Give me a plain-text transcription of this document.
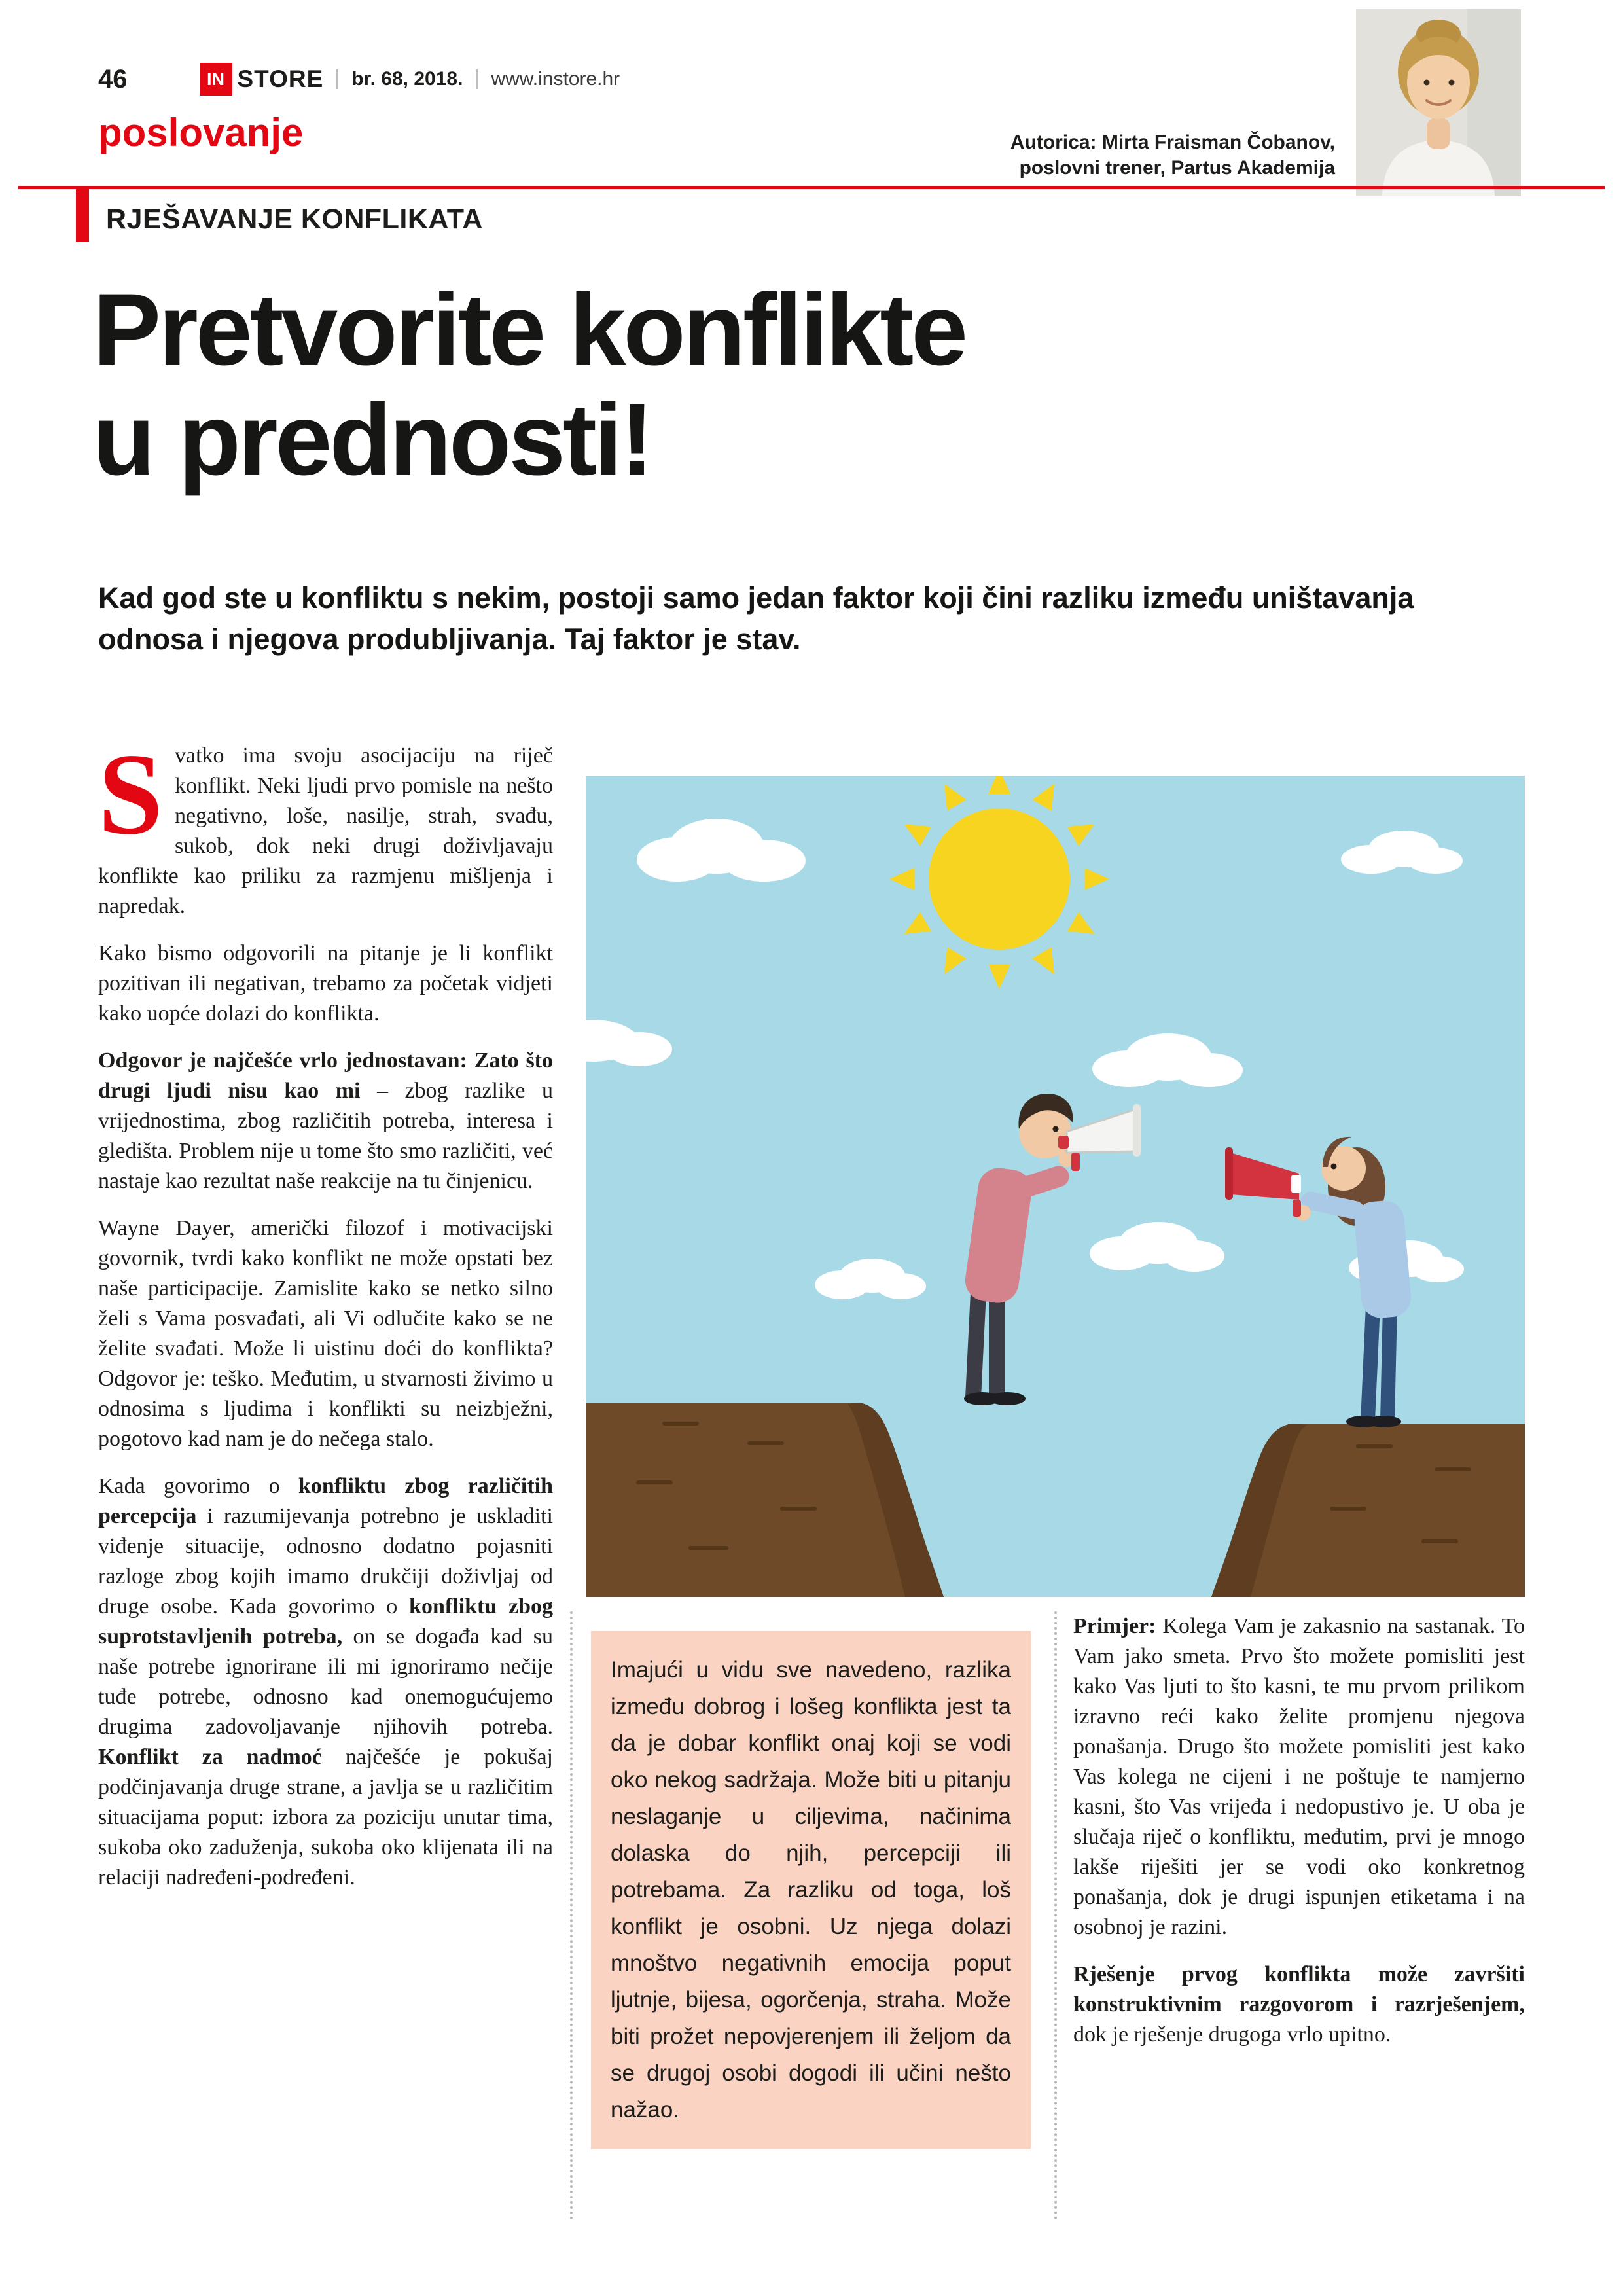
46	IN STORE br. 68, 2018. www.instore.hr
poslovanje	Autorica: Mirta Fraisman Čobanov,
poslovni trener, Partus Akademija
RJEŠAVANJE KONFLIKATA
Pretvorite konflikte
u prednosti!

Kad god ste u konfliktu s nekim, postoji samo jedan faktor koji čini razliku između uništavanja odnosa i njegova produbljivanja. Taj faktor je stav.

Svatko ima svoju asocijaciju na riječ konflikt. Neki ljudi prvo pomisle na nešto negativno, loše, nasilje, strah, svađu, sukob, dok neki drugi doživljavaju konflikte kao priliku za razmjenu mišljenja i napredak.

Kako bismo odgovorili na pitanje je li konflikt pozitivan ili negativan, trebamo za početak vidjeti kako uopće dolazi do konflikta.

Odgovor je najčešće vrlo jednostavan: Zato što drugi ljudi nisu kao mi – zbog razlike u vrijednostima, zbog različitih potreba, interesa i gledišta. Problem nije u tome što smo različiti, već nastaje kao rezultat naše reakcije na tu činjenicu.

Wayne Dayer, američki filozof i motivacijski govornik, tvrdi kako konflikt ne može opstati bez naše participacije. Zamislite kako se netko silno želi s Vama posvađati, ali Vi odlučite kako se ne želite svađati. Može li uistinu doći do konflikta? Odgovor je: teško. Međutim, u stvarnosti živimo u odnosima s ljudima i konflikti su neizbježni, pogotovo kad nam je do nečega stalo.

Kada govorimo o konfliktu zbog različitih percepcija i razumijevanja potrebno je uskladiti viđenje situacije, odnosno dodatno pojasniti razloge zbog kojih imamo drukčiji doživljaj od druge osobe. Kada govorimo o konfliktu zbog suprotstavljenih potreba, on se događa kad su naše potrebe ignorirane ili mi ignoriramo nečije tuđe potrebe, odnosno kad onemogućujemo drugima zadovoljavanje njihovih potreba. Konflikt za nadmoć najčešće je pokušaj podčinjavanja druge strane, a javlja se u različitim situacijama poput: izbora za poziciju unutar tima, sukoba oko zaduženja, sukoba oko klijenata ili na relaciji nadređeni-podređeni.

Imajući u vidu sve navedeno, razlika između dobrog i lošeg konflikta jest ta da je dobar konflikt onaj koji se vodi oko nekog sadržaja. Može biti u pitanju neslaganje u ciljevima, načinima dolaska do njih, percepciji ili potrebama. Za razliku od toga, loš konflikt je osobni. Uz njega dolazi mnoštvo negativnih emocija poput ljutnje, bijesa, ogorčenja, straha. Može biti prožet nepovjerenjem ili željom da se drugoj osobi dogodi ili učini nešto nažao.

Primjer: Kolega Vam je zakasnio na sastanak. To Vam jako smeta. Prvo što možete pomisliti jest kako Vas ljuti to što kasni, te mu prvom prilikom izravno reći kako želite promjenu njegova ponašanja. Drugo što možete pomisliti jest kako Vas kolega ne cijeni i ne poštuje te namjerno kasni, što Vas vrijeđa i nedopustivo je. U oba je slučaja riječ o konfliktu, međutim, prvi je mnogo lakše riješiti jer se vodi oko konkretnog ponašanja, dok je drugi ispunjen etiketama i na osobnoj je razini.

Rješenje prvog konflikta može završiti konstruktivnim razgovorom i razrješenjem, dok je rješenje drugoga vrlo upitno.
